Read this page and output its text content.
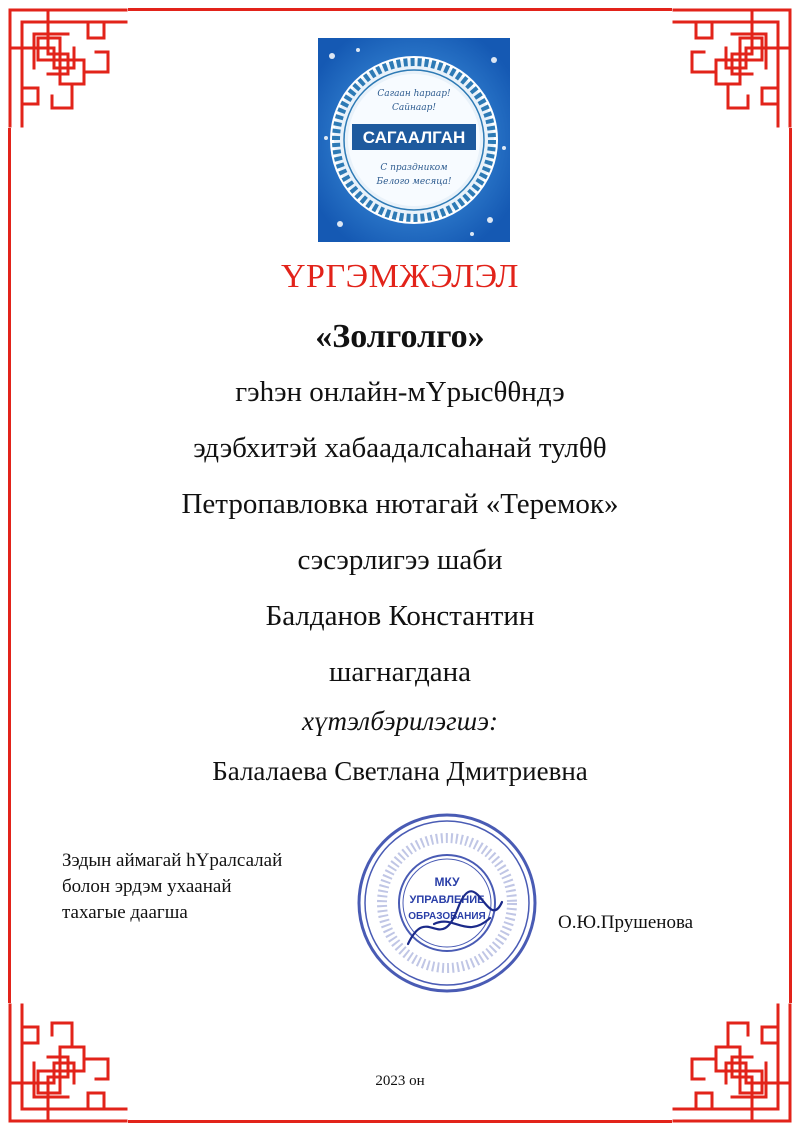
Сагаан hараар!
Сайнаар!
САГААЛГАН
С праздником
Белого месяца!
ҮРГЭМЖЭЛЭЛ
«Золголго»
гэһэн онлайн-мҮрысθθндэ
эдэбхитэй хабаадалсаһанай тулθθ
Петропавловка нютагай «Теремок»
сэсэрлигээ шаби
Балданов Константин
шагнагдана
хүтэлбэрилэгшэ:
Балалаева Светлана Дмитриевна
Зэдын аймагай һҮралсалай
болон эрдэм ухаанай
тахагые даагша
МКУ
УПРАВЛЕНИЕ
ОБРАЗОВАНИЯ	О.Ю.Прушенова
2023 он
